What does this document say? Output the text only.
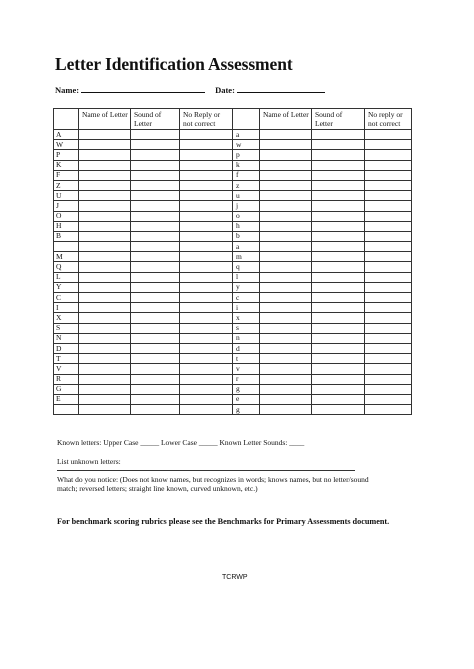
Letter Identification Assessment
Name:	Date:
	Name of Letter	Sound of Letter	No Reply or not correct		Name of Letter	Sound of Letter	No reply or not correct
A				a			
W				w			
P				p			
K				k			
F				f			
Z				z			
U				u			
J				j			
O				o			
H				h			
B				b			
				a			
M				m			
Q				q			
L				l			
Y				y			
C				c			
I				i			
X				x			
S				s			
N				n			
D				d			
T				t			
V				v			
R				r			
G				g			
E				e			
				g			
Known letters: Upper Case _____ Lower Case _____ Known Letter Sounds: ____
List unknown letters:
What do you notice: (Does not know names, but recognizes in words; knows names, but no letter/sound match; reversed letters; straight line known, curved unknown, etc.)
For benchmark scoring rubrics please see the Benchmarks for Primary Assessments document.
TCRWP
